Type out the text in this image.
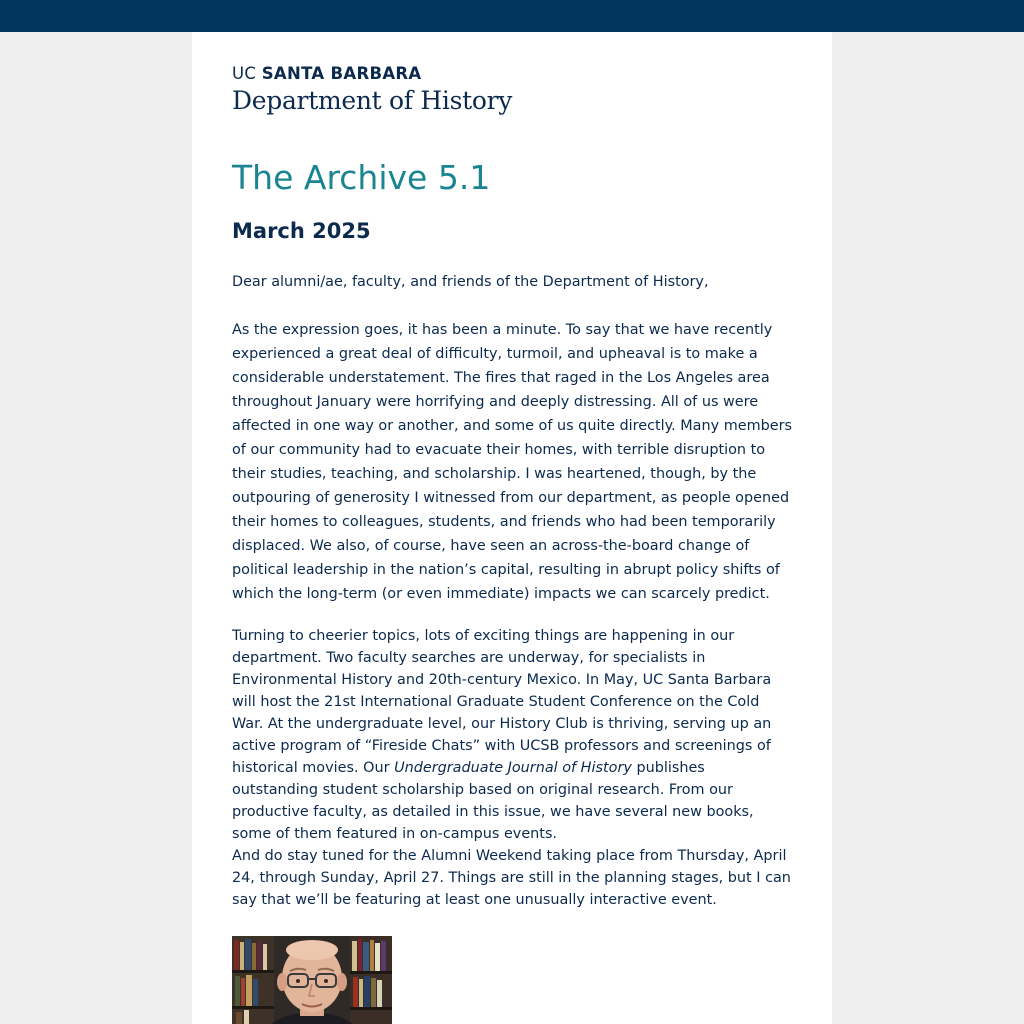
UC SANTA BARBARA
Department of History
The Archive 5.1
March 2025

Dear alumni/ae, faculty, and friends of the Department of History,

As the expression goes, it has been a minute. To say that we have recently experienced a great deal of difficulty, turmoil, and upheaval is to make a considerable understatement. The fires that raged in the Los Angeles area throughout January were horrifying and deeply distressing. All of us were affected in one way or another, and some of us quite directly. Many members of our community had to evacuate their homes, with terrible disruption to their studies, teaching, and scholarship. I was heartened, though, by the outpouring of generosity I witnessed from our department, as people opened their homes to colleagues, students, and friends who had been temporarily displaced. We also, of course, have seen an across-the-board change of political leadership in the nation’s capital, resulting in abrupt policy shifts of which the long-term (or even immediate) impacts we can scarcely predict.

Turning to cheerier topics, lots of exciting things are happening in our department. Two faculty searches are underway, for specialists in Environmental History and 20th-century Mexico. In May, UC Santa Barbara will host the 21st International Graduate Student Conference on the Cold War. At the undergraduate level, our History Club is thriving, serving up an active program of “Fireside Chats” with UCSB professors and screenings of historical movies. Our Undergraduate Journal of History publishes outstanding student scholarship based on original research. From our productive faculty, as detailed in this issue, we have several new books, some of them featured in on-campus events.

And do stay tuned for the Alumni Weekend taking place from Thursday, April 24, through Sunday, April 27. Things are still in the planning stages, but I can say that we’ll be featuring at least one unusually interactive event.
